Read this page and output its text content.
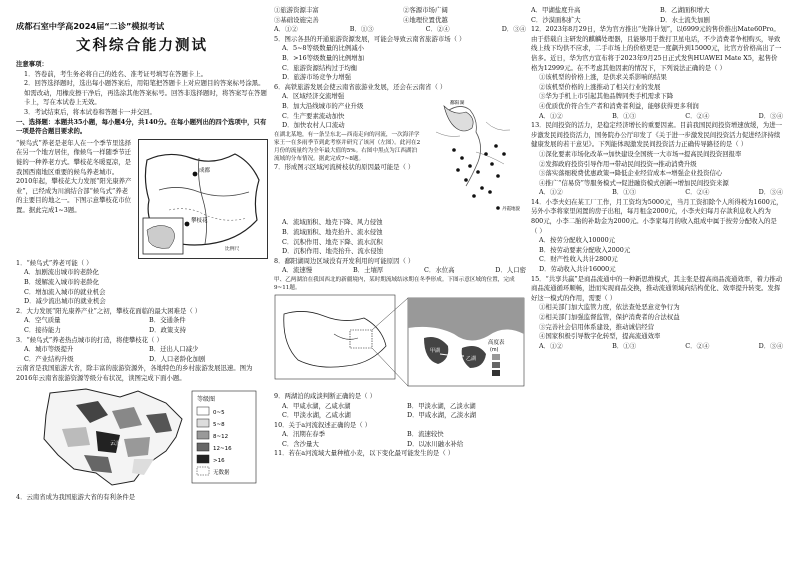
成都石室中学高2024届“二诊”模拟考试
文科综合能力测试

注意事项：

1．答卷前，考生务必将自己的姓名、准考证号填写在答题卡上。

2．回答选择题时，选出每小题答案后，用铅笔把答题卡上对应题目的答案标号涂黑。如需改动，用橡皮擦干净后，再选涂其他答案标号。回答非选择题时，将答案写在答题卡上，写在本试卷上无效。

3．考试结束后，将本试卷和答题卡一并交回。

一、选择题：本题共35小题，每小题4分，共140分。在每小题列出的四个选项中，只有一项是符合题目要求的。

“候鸟式”养老是老年人在一个季节里选择在另一个地方居住，像候鸟一样随季节迁徙的一种养老方式。攀枝花冬暖夏凉，是我国西南地区重要的候鸟养老城市。2010年起，攀枝花大力发展“阳光康养产业”，已经成为川滇结合部“候鸟式”养老的主要目的地之一。下图示意攀枝花市位置。据此完成1~3题。

成都
攀枝花
比例尺

1．“候鸟式”养老可能（ ）

A．加剧流出城市的老龄化

B．缓解流入城市的老龄化

C．增加流入城市的就业机会

D．减少流出城市的就业机会

2．大力发展“阳光康养产业”之初，攀枝花面临的最大困难是（ ）

A．空气质量	B．交通条件
C．接待能力	D．政策支持

3．“候鸟式”养老热点城市的打造，将使攀枝花（ ）

A．城市等级提升	B．迁出人口减少
C．产业结构升级	D．人口老龄化加剧

云南省是我国旅游大省，除丰富的旅游资源外，各地特色的乡村旅游发展迅速。图为2016年云南省旅游资源等级分布状况，读图完成下面小题。

等级图
0~5
5~8
8~12
12~16
>16
无数据
云南

4．云南省成为我国旅游大省的有利条件是

①旅游资源丰富	②客源市场广阔
③基础设施完善	④地理位置优越
A．①②	B．①③	C．②④	D．③④

5．图示各县的开通旅游资源发展，可能会导致云南省旅游市场（ ）

A．5~8等级数量的比例减小

B．>16等级数量的比例增加

C．旅游资源结构过于均衡

D．旅游市场竞争力增强

6．高铁旅游发展会使云南省旅游业发展，还会在云南省（ ）

A．区域经济交流增强

B．加大沿线城市的产业升级

C．生产要素流动加快

D．加快农村人口流动

在湖北某地，有一条呈东北—西南走向的河流，一次海洋学家王一在多雨季节到此考察并研究了该河（左图）。此河在2月份的流量约为全年最大值的5%。右图中黑点为江西湖泊流域的分布情况。据此完成7~8题。

7．形成图示区域河流树枝状的原因最可能是（ ）

鄱阳湖
丹霞地貌

A．流域面积、地壳下降、风力侵蚀

B．流域面积、地壳抬升、流水侵蚀

C．沉积作用、地壳下降、流水沉积

D．沉积作用、地壳抬升、流水侵蚀

8．鄱阳湖周边区域没有开发利用的可能原因（ ）

A．流速慢	B．土壤厚	C．水位高	D．人口密

甲、乙两湖泊在我国西北的新疆境内，某时期流域结冰期在冬季形成。下图示意区域的位置，完成9~11题。

甲湖
乙湖
高度表
(m)

9．两湖泊的咸淡判断正确的是（ ）

A．甲咸水湖，乙咸水湖	B．甲淡水湖，乙淡水湖
C．甲淡水湖，乙咸水湖	D．甲咸水湖，乙淡水湖

10．关于a河流叙述正确的是（ ）

A．汛期在春季	B．流速较快
C．含沙量大	D．以冰川融水补给

11．若在a河流域大量种植小麦，以下变化最可能发生的是（ ）

A．甲湖盐度升高	B．乙湖面积增大
C．沙漠面积扩大	D．水土流失加剧

12．2023年8月29日，华为官方推出“先锋计划”，以6999元的售价推出Mate60Pro。由于搭载自主研发的麒麟处理器，且能够用于拨打卫星电话，不少消费者争相购买，导致线上线下均供不应求，二手市场上的价格更是一度飙升到15000元，比官方价格高出了一倍多。近日，华为官方宣布将于2023年9月25日正式发售HUAWEI Mate X5，起售价格为12999元。在不考虑其他因素的情况下，下列说法正确的是（ ）

①该机型的价格上涨，是供求关系影响的结果

②该机型价格的上涨推动了相关行业的发展

③华为手机上市引起其他品牌同类手机需求下降

④优质优价符合生产者和消费者利益，能够获得更多利润

A．①②	B．①③	C．②④	D．③④

13．民间投资的活力，是稳定经济增长的重要因素。目前我国民间投资增速放缓，为进一步激发民间投资活力，国务院办公厅印发了《关于进一步激发民间投资活力促进经济持续健康发展的若干意见》。下列能体现激发民间投资活力正确传导路径的是（ ）

①深化要素市场化改革→加快建设全国统一大市场→提高民间投资回报率

②发挥政府投资引导作用→带动民间投资→推动消费升级

③落实落细税费优惠政策→降低企业经营成本→增强企业投资信心

④推广“信易贷”等服务模式→促进融资模式创新→增加民间投资来源

A．①②	B．①③	C．②④	D．③④

14．小李夫妇在某工厂工作，月工资均为5000元，当月工资扣除个人所得税为1600元，另外小李将家里闲置的房子出租，每月租金2000元，小李夫妇每月存款利息收入约为800元，小李二胎的补助金为2000元。小李家每月的收入组成中属于按劳分配收入的是（ ）

A．按劳分配收入10000元

B．按劳动要素分配收入2000元

C．财产性收入共计2800元

D．劳动收入共计16000元

15．“共享共赢”是商品流通中的一种新思维模式，其主张是提高商品流通效率，着力推动商品流通循环顺畅，进而实现商品交换，推动流通领域向结构优化、效率提升转变。发挥好这一模式的作用，需要（ ）

①相关部门加大监管力度，依法查处恶意竞争行为

②相关部门加强监督监管，保护消费者的合法权益

③完善社会信用体系建设，推动诚信经营

④国家积极引导数字化转型，提高流通效率

A．①②	B．①③	C．②④	D．③④
